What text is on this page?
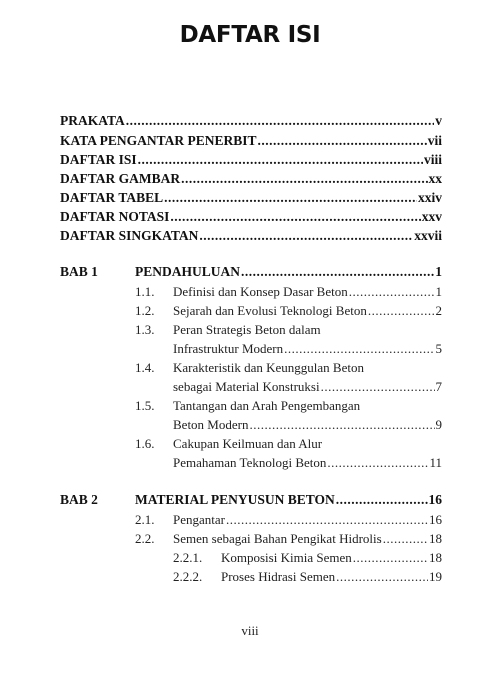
DAFTAR ISI
PRAKATA .....	v
KATA PENGANTAR PENERBIT .....	vii
DAFTAR ISI .....	viii
DAFTAR GAMBAR .....	xx
DAFTAR TABEL .....	xxiv
DAFTAR NOTASI .....	xxv
DAFTAR SINGKATAN .....	xxvii
BAB 1	PENDAHULUAN .....	1
1.1. Definisi dan Konsep Dasar Beton .....	1
1.2. Sejarah dan Evolusi Teknologi Beton .....	2
1.3. Peran Strategis Beton dalam
Infrastruktur Modern .....	5
1.4. Karakteristik dan Keunggulan Beton
sebagai Material Konstruksi .....	7
1.5. Tantangan dan Arah Pengembangan
Beton Modern .....	9
1.6. Cakupan Keilmuan dan Alur
Pemahaman Teknologi Beton .....	11
BAB 2	MATERIAL PENYUSUN BETON .....	16
2.1. Pengantar .....	16
2.2. Semen sebagai Bahan Pengikat Hidrolis .....	18
2.2.1. Komposisi Kimia Semen .....	18
2.2.2. Proses Hidrasi Semen .....	19
viii
